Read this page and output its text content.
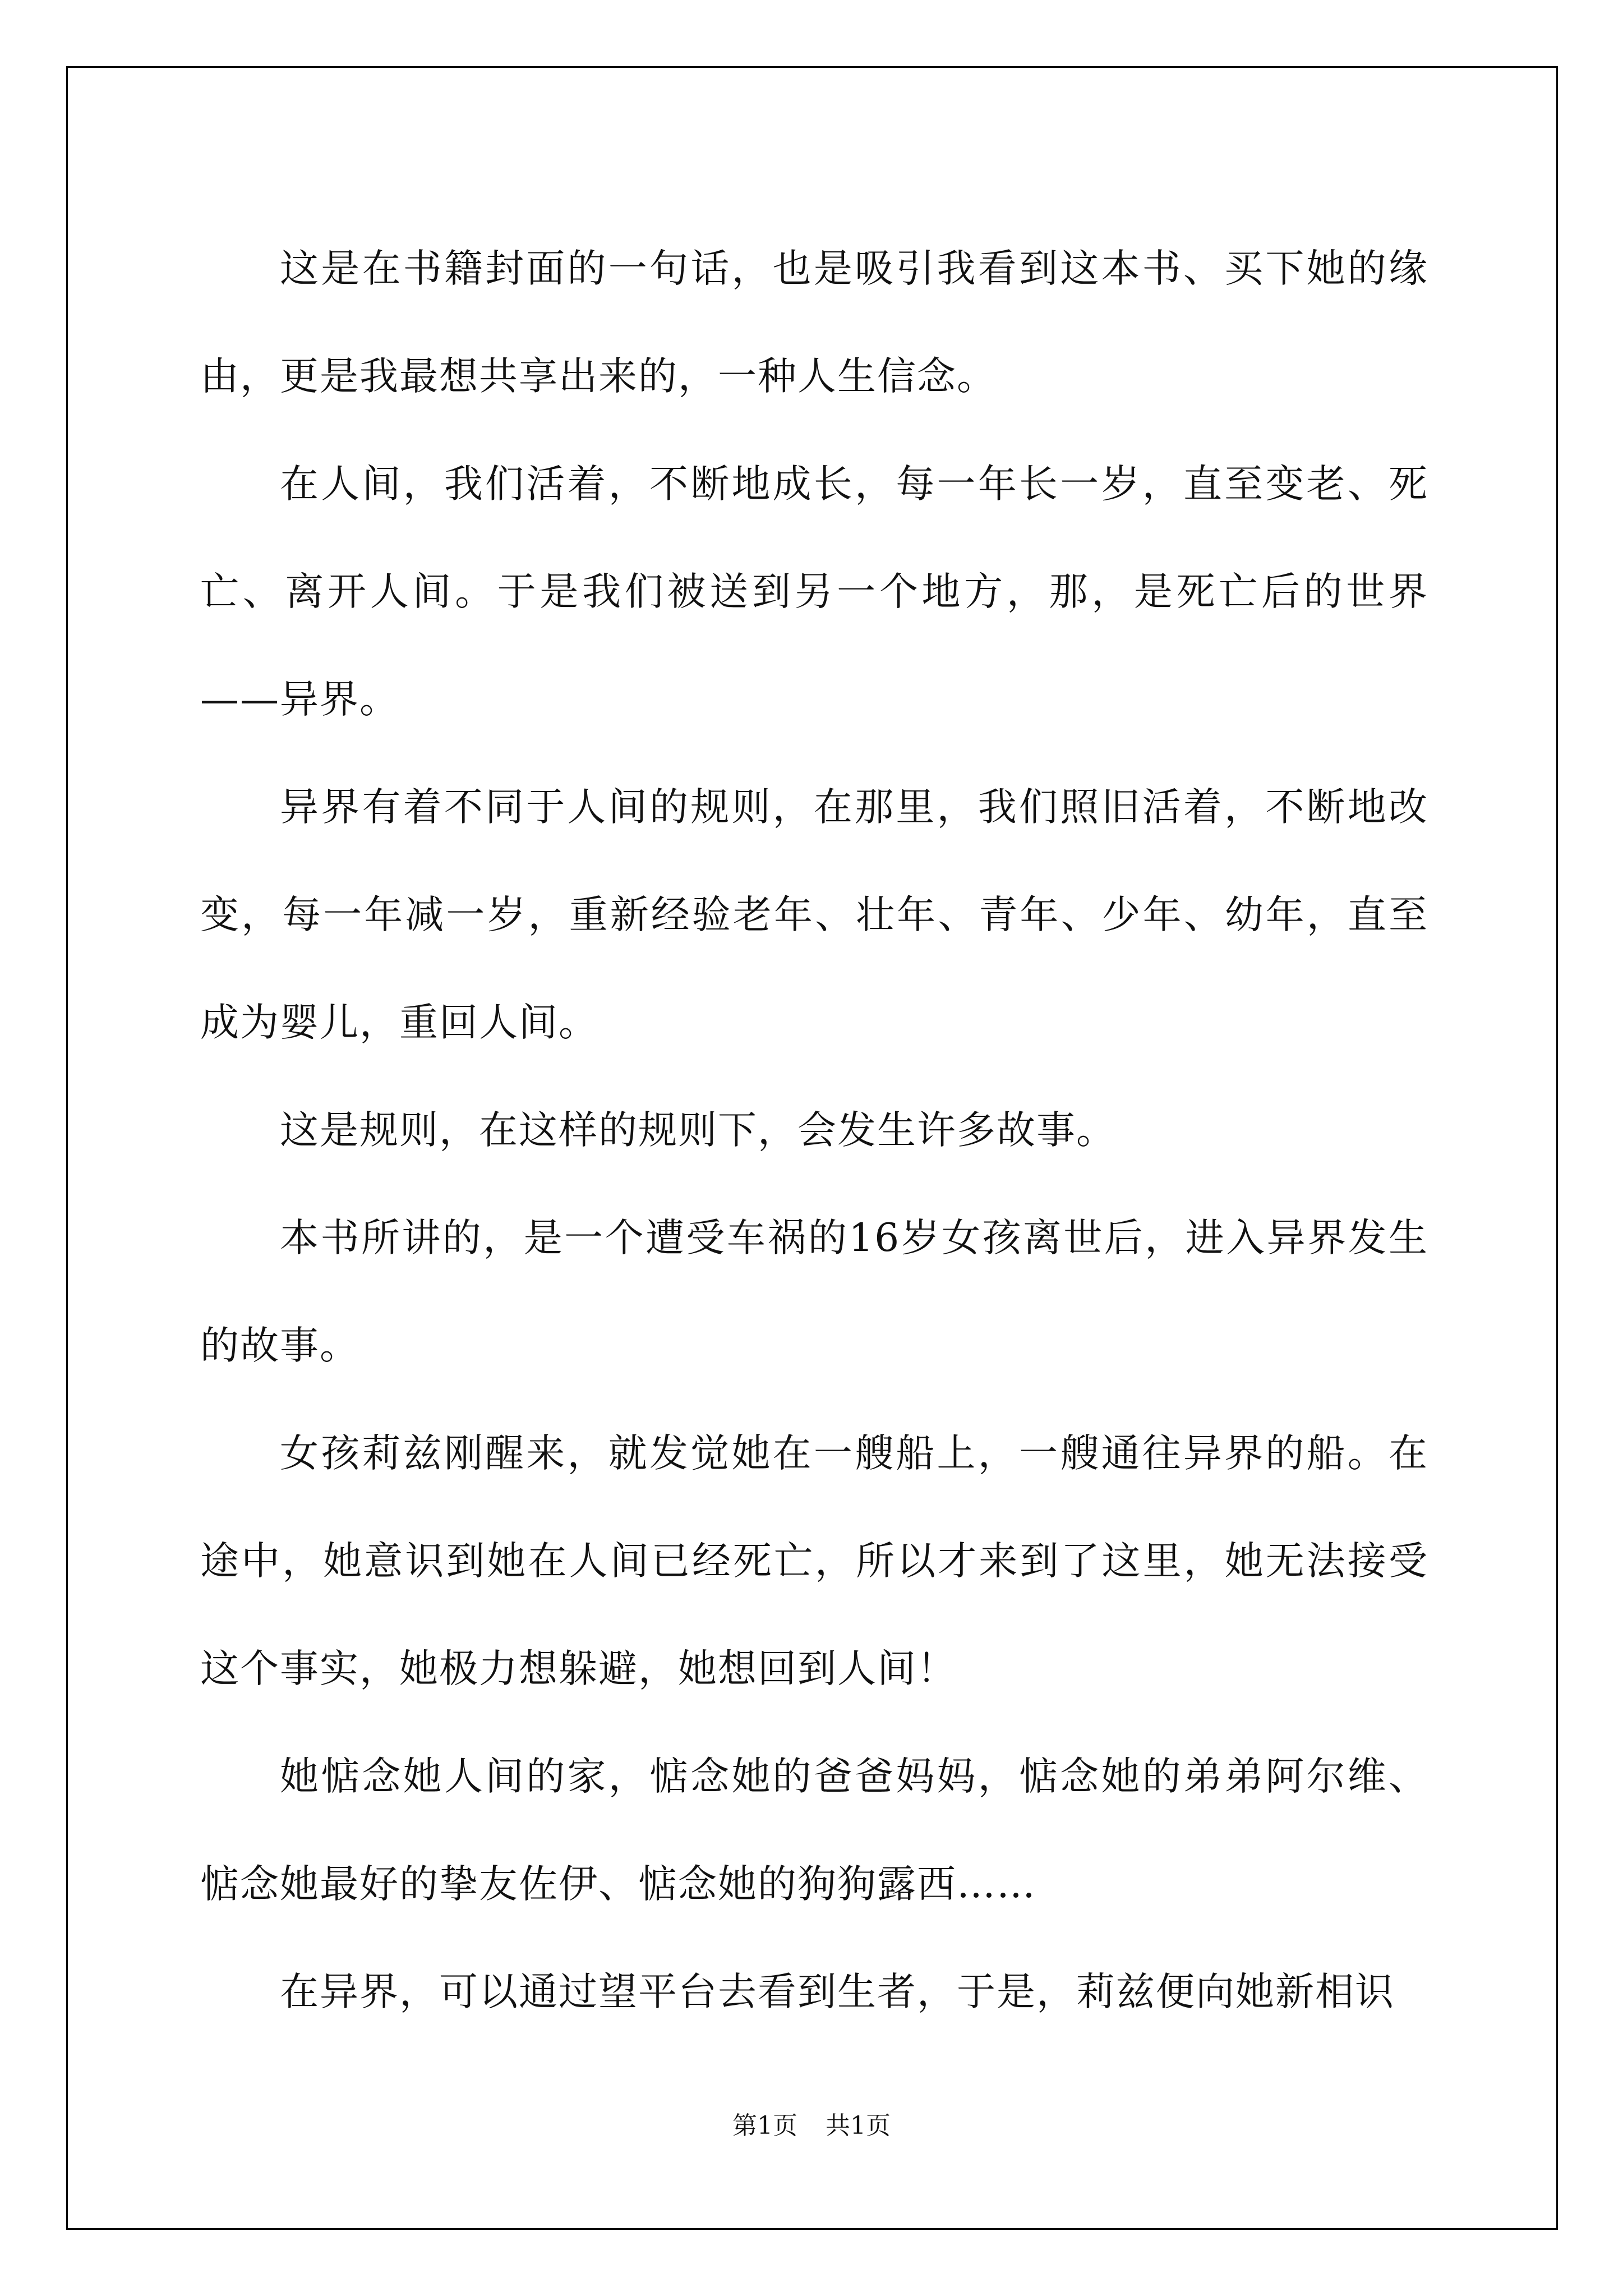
这是在书籍封面的一句话，也是吸引我看到这本书、买下她的缘由，更是我最想共享出来的，一种人生信念。

在人间，我们活着，不断地成长，每一年长一岁，直至变老、死亡、离开人间。于是我们被送到另一个地方，那，是死亡后的世界——异界。

异界有着不同于人间的规则，在那里，我们照旧活着，不断地改变，每一年减一岁，重新经验老年、壮年、青年、少年、幼年，直至成为婴儿，重回人间。

这是规则，在这样的规则下，会发生许多故事。

本书所讲的，是一个遭受车祸的16岁女孩离世后，进入异界发生的故事。

女孩莉兹刚醒来，就发觉她在一艘船上，一艘通往异界的船。在途中，她意识到她在人间已经死亡，所以才来到了这里，她无法接受这个事实，她极力想躲避，她想回到人间！

她惦念她人间的家，惦念她的爸爸妈妈，惦念她的弟弟阿尔维、惦念她最好的挚友佐伊、惦念她的狗狗露西……

在异界，可以通过望平台去看到生者，于是，莉兹便向她新相识

第1页 共1页
